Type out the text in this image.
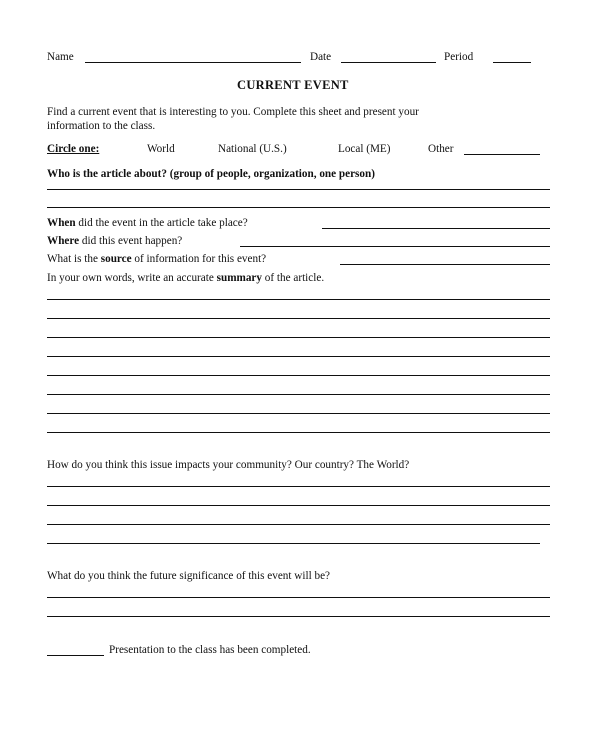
Name	Date	Period
CURRENT EVENT
Find a current event that is interesting to you. Complete this sheet and present your
information to the class.
Circle one:	World	National (U.S.)	Local (ME)	Other
Who is the article about? (group of people, organization, one person)
When did the event in the article take place?
Where did this event happen?
What is the source of information for this event?
In your own words, write an accurate summary of the article.
How do you think this issue impacts your community? Our country? The World?
What do you think the future significance of this event will be?
Presentation to the class has been completed.
